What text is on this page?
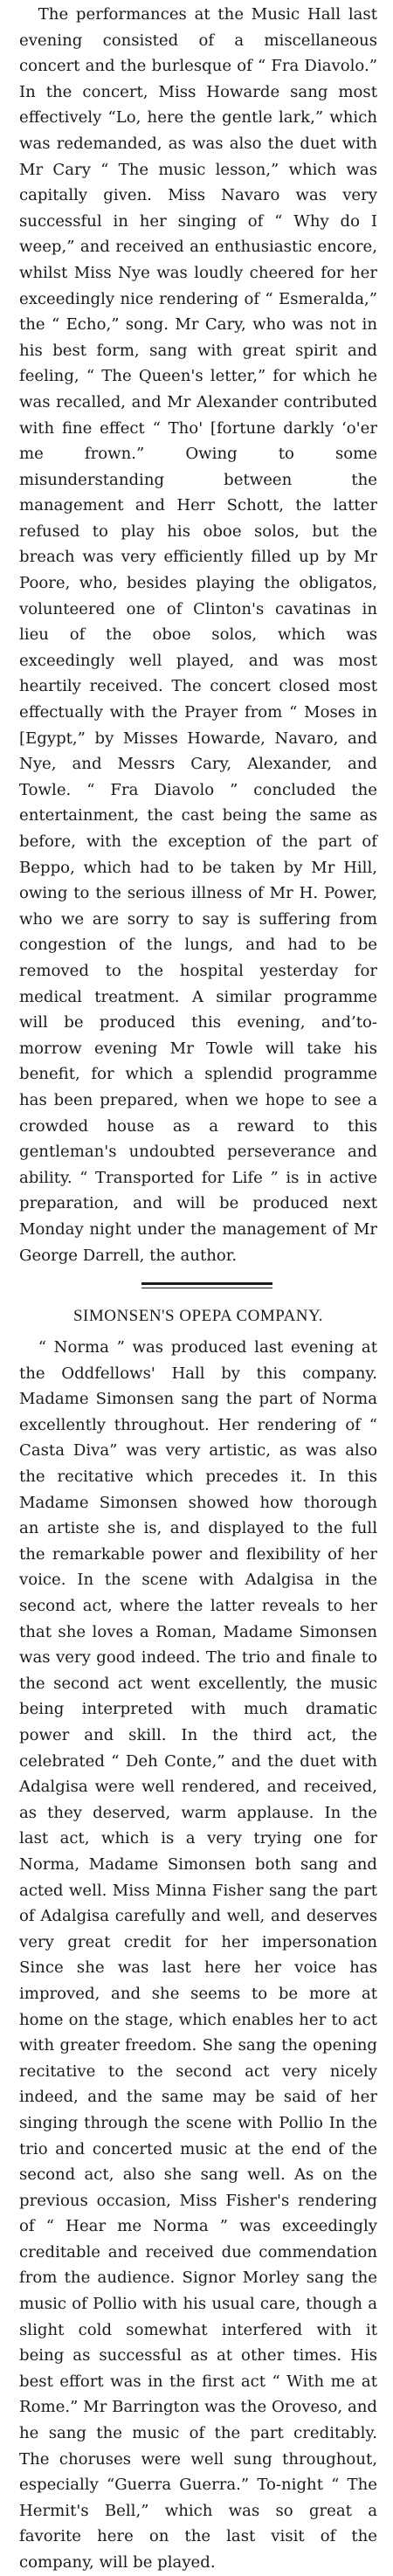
The performances at the Music Hall last evening consisted of a miscellaneous concert and the burlesque of “ Fra Diavolo.” In the concert, Miss Howarde sang most effectively “Lo, here the gentle lark,” which was redemanded, as was also the duet with Mr Cary “ The music lesson,” which was capitally given. Miss Navaro was very successful in her singing of “ Why do I weep,” and received an enthusiastic encore, whilst Miss Nye was loudly cheered for her exceedingly nice rendering of “ Esmeralda,” the “ Echo,” song. Mr Cary, who was not in his best form, sang with great spirit and feeling, “ The Queen's letter,” for which he was recalled, and Mr Alexander contributed with fine effect “ Tho' [fortune darkly ‘o'er me frown.” Owing to some misunderstanding between the management and Herr Schott, the latter refused to play his oboe solos, but the breach was very efficiently filled up by Mr Poore, who, besides playing the obligatos, volunteered one of Clinton's cavatinas in lieu of the oboe solos, which was exceedingly well played, and was most heartily received. The concert closed most effectually with the Prayer from “ Moses in [Egypt,” by Misses Howarde, Navaro, and Nye, and Messrs Cary, Alexander, and Towle. “ Fra Diavolo ” concluded the entertainment, the cast being the same as before, with the exception of the part of Beppo, which had to be taken by Mr Hill, owing to the serious illness of Mr H. Power, who we are sorry to say is suffering from congestion of the lungs, and had to be removed to the hospital yesterday for medical treatment. A similar programme will be produced this evening, and’to-morrow evening Mr Towle will take his benefit, for which a splendid programme has been prepared, when we hope to see a crowded house as a reward to this gentleman's undoubted perseverance and ability. “ Transported for Life ” is in active preparation, and will be produced next Monday night under the management of Mr George Darrell, the author.

SIMONSEN'S OPEPA COMPANY.

“ Norma ” was produced last evening at the Oddfellows' Hall by this company. Madame Simonsen sang the part of Norma excellently throughout. Her rendering of “ Casta Diva” was very artistic, as was also the recitative which precedes it. In this Madame Simonsen showed how thorough an artiste she is, and displayed to the full the remarkable power and flexibility of her voice. In the scene with Adalgisa in the second act, where the latter reveals to her that she loves a Roman, Madame Simonsen was very good indeed. The trio and finale to the second act went excellently, the music being interpreted with much dramatic power and skill. In the third act, the celebrated “ Deh Conte,” and the duet with Adalgisa were well rendered, and received, as they deserved, warm applause. In the last act, which is a very trying one for Norma, Madame Simonsen both sang and acted well. Miss Minna Fisher sang the part of Adalgisa carefully and well, and deserves very great credit for her impersonation Since she was last here her voice has improved, and she seems to be more at home on the stage, which enables her to act with greater freedom. She sang the opening recitative to the second act very nicely indeed, and the same may be said of her singing through the scene with Pollio In the trio and concerted music at the end of the second act, also she sang well. As on the previous occasion, Miss Fisher's rendering of “ Hear me Norma ” was exceedingly creditable and received due commendation from the audience. Signor Morley sang the music of Pollio with his usual care, though a slight cold somewhat interfered with it being as successful as at other times. His best effort was in the first act “ With me at Rome.” Mr Barrington was the Oroveso, and he sang the music of the part creditably. The choruses were well sung throughout, especially “Guerra Guerra.” To-night “ The Hermit's Bell,” which was so great a favorite here on the last visit of the company, will be played.
